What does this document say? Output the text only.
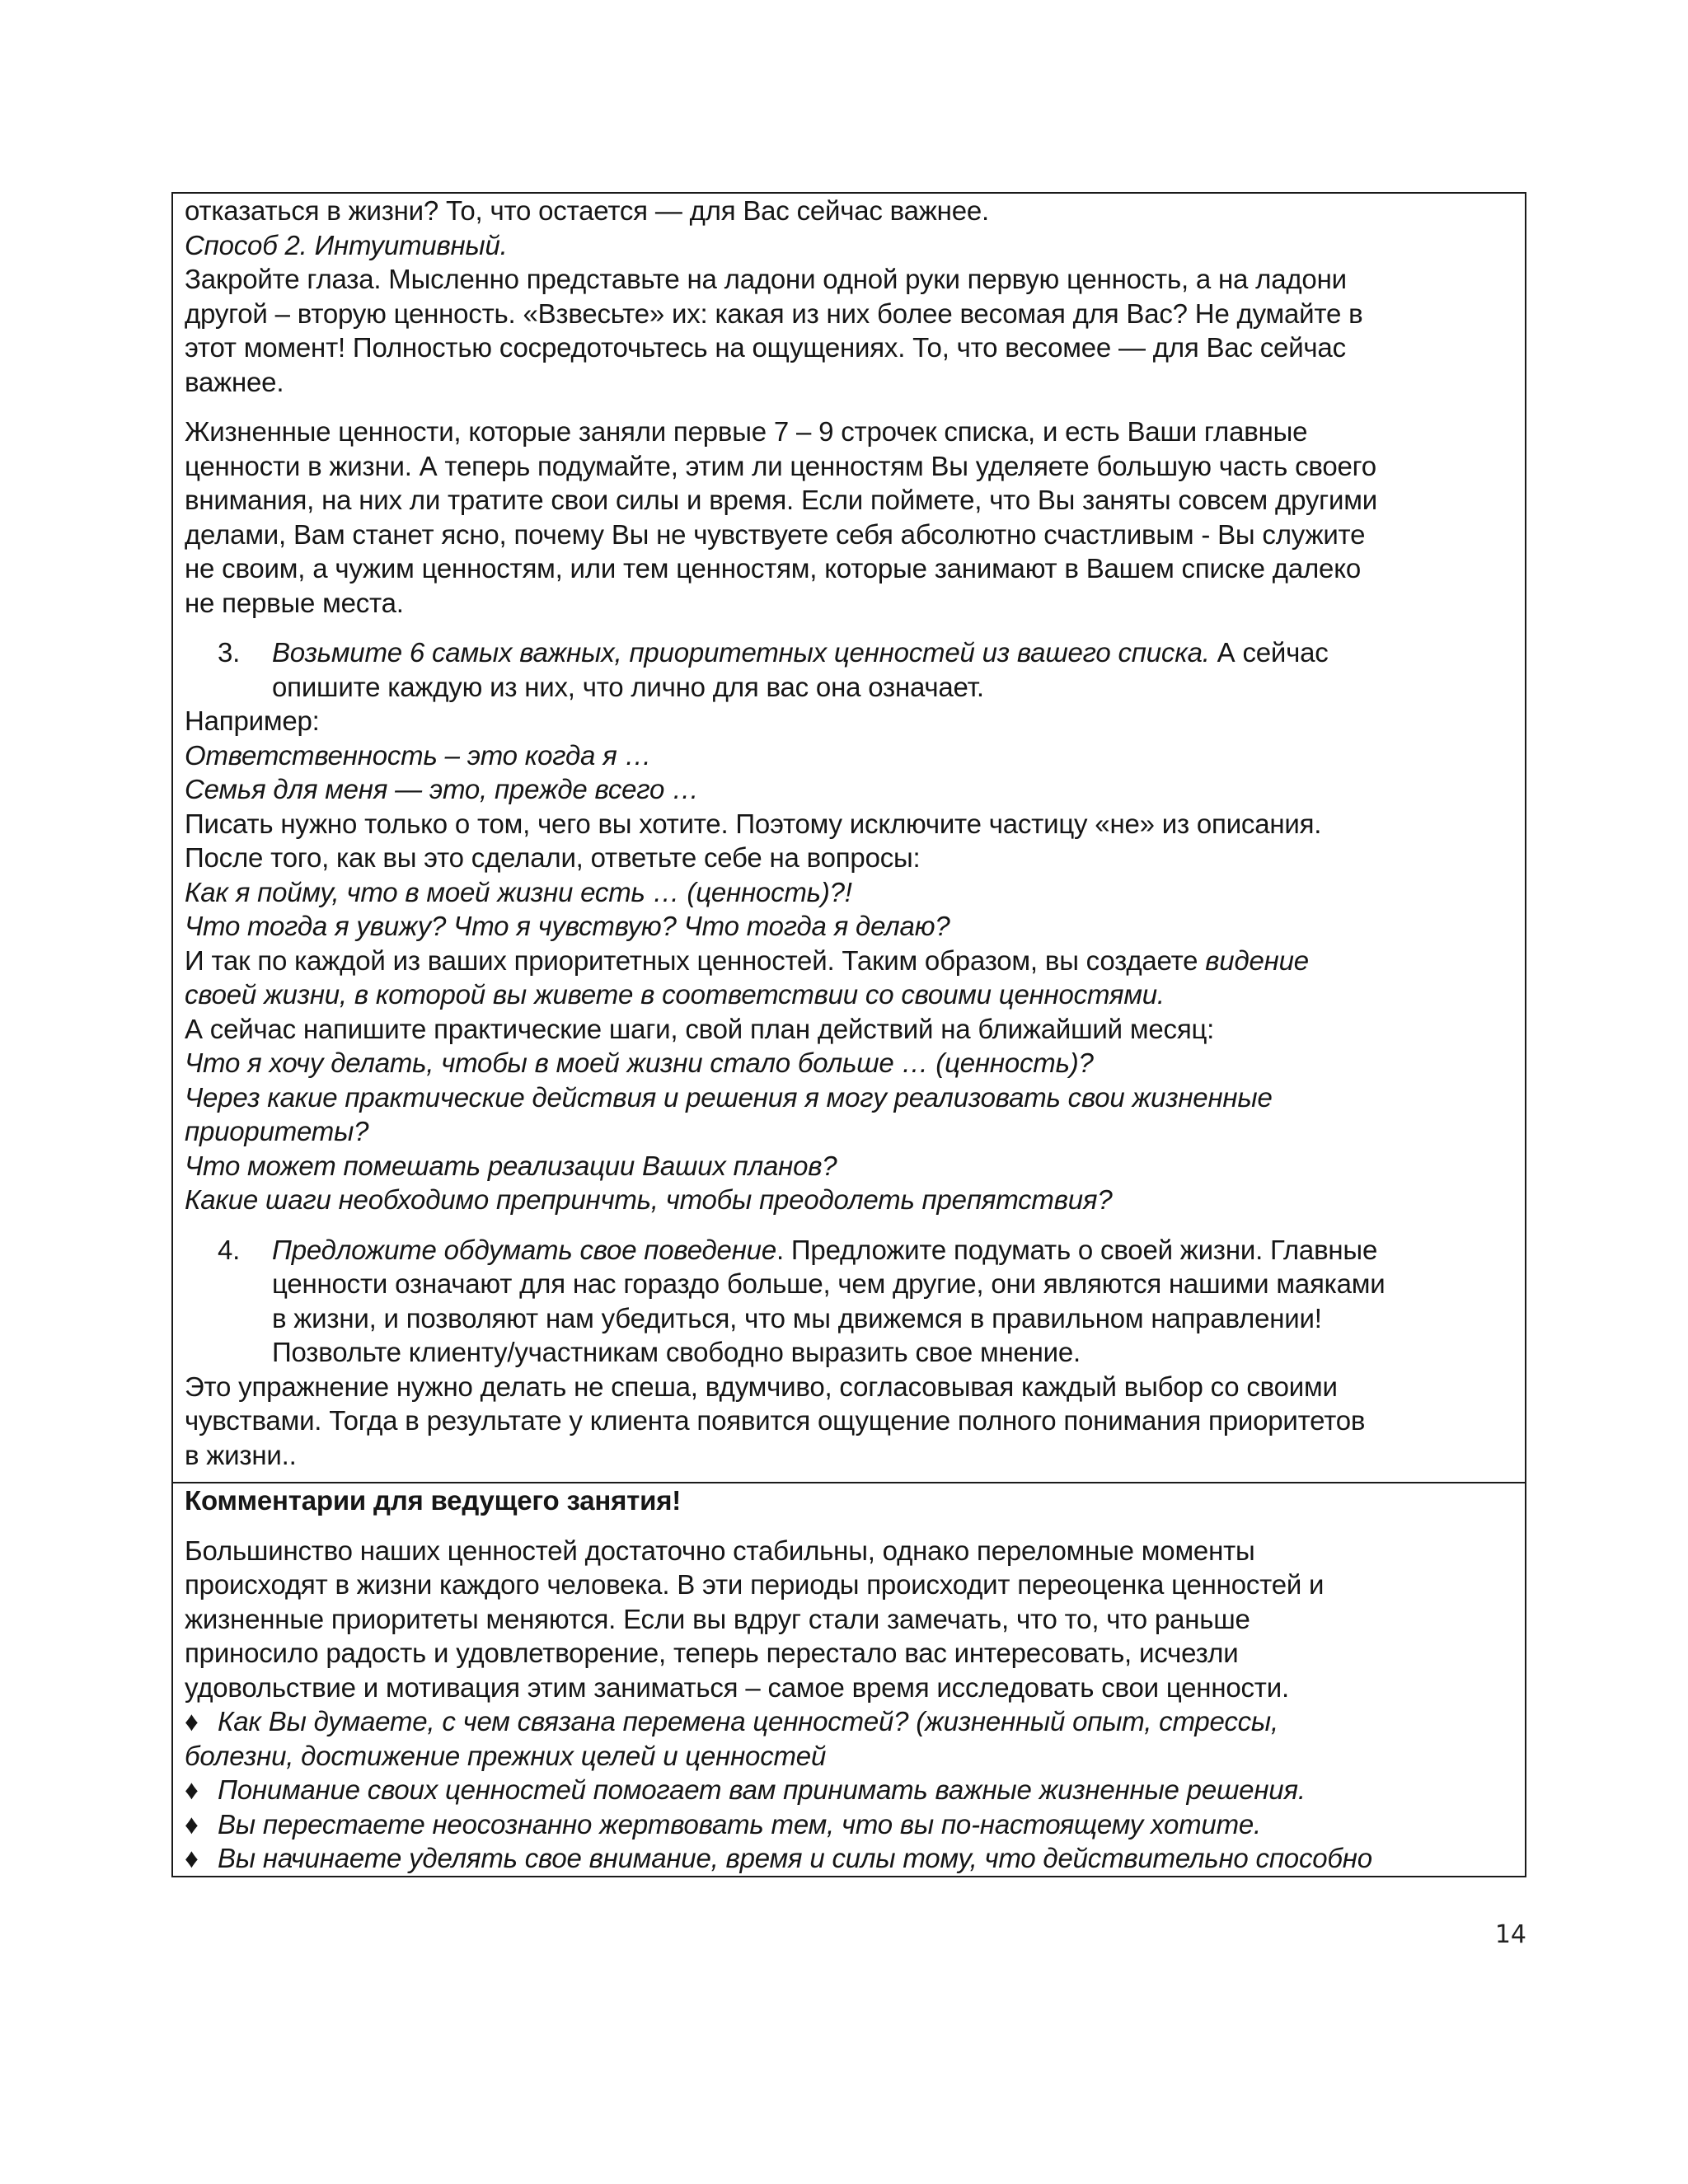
отказаться в жизни? То, что остается — для Вас сейчас важнее.

Способ 2. Интуитивный.

Закройте глаза. Мысленно представьте на ладони одной руки первую ценность, а на ладони

другой – вторую ценность. «Взвесьте» их: какая из них более весомая для Вас? Не думайте в

этот момент! Полностью сосредоточьтесь на ощущениях. То, что весомее — для Вас сейчас

важнее.

Жизненные ценности, которые заняли первые 7 – 9 строчек списка, и есть Ваши главные

ценности в жизни. А теперь подумайте, этим ли ценностям Вы уделяете большую часть своего

внимания, на них ли тратите свои силы и время. Если поймете, что Вы заняты совсем другими

делами, Вам станет ясно, почему Вы не чувствуете себя абсолютно счастливым - Вы служите

не своим, а чужим ценностям, или тем ценностям, которые занимают в Вашем списке далеко

не первые места.

3. Возьмите 6 самых важных, приоритетных ценностей из вашего списка. А сейчас

опишите каждую из них, что лично для вас она означает.

Например:

Ответственность – это когда я …

Семья для меня — это, прежде всего …

Писать нужно только о том, чего вы хотите. Поэтому исключите частицу «не» из описания.

После того, как вы это сделали, ответьте себе на вопросы:

Как я пойму, что в моей жизни есть … (ценность)?!

Что тогда я увижу? Что я чувствую? Что тогда я делаю?

И так по каждой из ваших приоритетных ценностей. Таким образом, вы создаете видение

своей жизни, в которой вы живете в соответствии со своими ценностями.

А сейчас напишите практические шаги, свой план действий на ближайший месяц:

Что я хочу делать, чтобы в моей жизни стало больше … (ценность)?

Через какие практические действия и решения я могу реализовать свои жизненные

приоритеты?

Что может помешать реализации Ваших планов?

Какие шаги необходимо препринчть, чтобы преодолеть препятствия?

4. Предложите обдумать свое поведение. Предложите подумать о своей жизни. Главные

ценности означают для нас гораздо больше, чем другие, они являются нашими маяками

в жизни, и позволяют нам убедиться, что мы движемся в правильном направлении!

Позвольте клиенту/участникам свободно выразить свое мнение.

Это упражнение нужно делать не спеша, вдумчиво, согласовывая каждый выбор со своими

чувствами. Тогда в результате у клиента появится ощущение полного понимания приоритетов

в жизни..

Комментарии для ведущего занятия!

Большинство наших ценностей достаточно стабильны, однако переломные моменты

происходят в жизни каждого человека. В эти периоды происходит переоценка ценностей и

жизненные приоритеты меняются. Если вы вдруг стали замечать, что то, что раньше

приносило радость и удовлетворение, теперь перестало вас интересовать, исчезли

удовольствие и мотивация этим заниматься – самое время исследовать свои ценности.

♦ Как Вы думаете, с чем связана перемена ценностей? (жизненный опыт, стрессы,

болезни, достижение прежних целей и ценностей

♦ Понимание своих ценностей помогает вам принимать важные жизненные решения.

♦ Вы перестаете неосознанно жертвовать тем, что вы по-настоящему хотите.

♦ Вы начинаете уделять свое внимание, время и силы тому, что действительно способно

14
